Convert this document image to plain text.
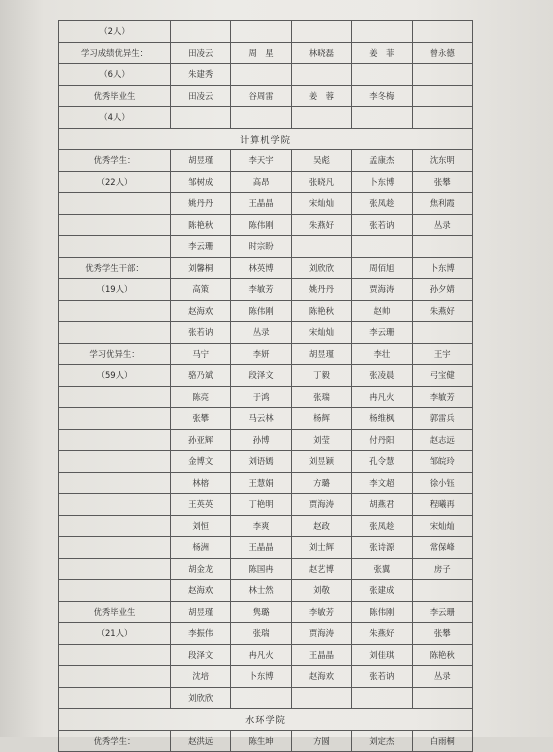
（2人）					
学习成绩优异生：	田凌云	周　星	林晓磊	姜　菲	曾永德
（6人）	朱建秀				
优秀毕业生	田凌云	谷周雷	姜　蓉	李冬梅	
（4人）					
计算机学院					
优秀学生：	胡昱瑾	李天宇	吴彪	孟康杰	沈东明
（22人）	邹树成	高昂	张晓凡	卜东博	张攀
	姚丹丹	王晶晶	宋灿灿	张凤趁	焦利霞
	陈艳秋	陈伟刚	朱燕好	张若讷	丛录
	李云珊	时宗盼			
优秀学生干部：	刘馨桐	林英博	刘欣欣	周佰旭	卜东博
（19人）	高策	李敏芳	姚丹丹	贾海涛	孙夕婧
	赵海欢	陈伟刚	陈艳秋	赵帅	朱燕好
	张若讷	丛录	宋灿灿	李云珊	
学习优异生：	马宁	李妍	胡昱瑾	李壮	王宇
（59人）	骆乃斌	段泽文	丁毅	张凌晨	弓宝健
	陈亮	于鸿	张瑞	冉凡火	李敏芳
	张攀	马云林	杨辉	杨维枫	郭雷兵
	孙亚辉	孙博	刘莹	付丹阳	赵志远
	金博文	刘语嫣	刘昱颖	孔令慧	邹皖玲
	林榕	王慧娟	方璐	李文超	徐小钰
	王英英	丁艳明	贾海涛	胡燕君	程曦再
	刘恒	李爽	赵政	张凤趁	宋灿灿
	杨洲	王晶晶	刘士辉	张诗源	常保峰
	胡金龙	陈国冉	赵艺博	张翼	房子
	赵海欢	林士然	刘敬	张建成	
优秀毕业生	胡昱瑾	隽璐	李敏芳	陈伟刚	李云珊
（21人）	李振伟	张瑞	贾海涛	朱燕好	张攀
	段泽文	冉凡火	王晶晶	刘佳琪	陈艳秋
	沈培	卜东博	赵海欢	张若讷	丛录
	刘欣欣				
水环学院					
优秀学生：	赵洪远	陈生坤	方圆	刘定杰	白雨桐
